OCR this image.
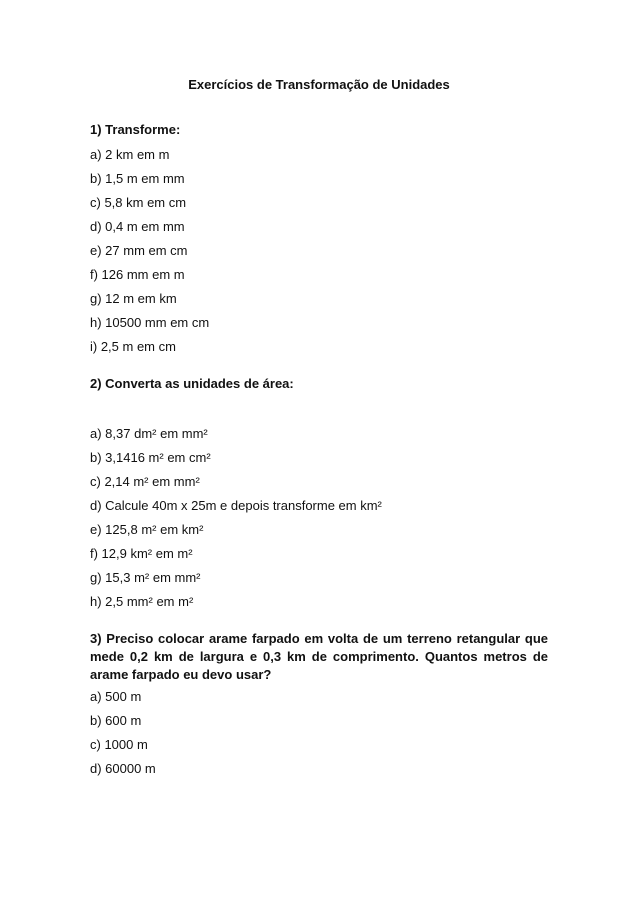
Exercícios de Transformação de Unidades
1) Transforme:
a) 2 km em m
b) 1,5 m em mm
c) 5,8 km em cm
d) 0,4 m em mm
e) 27 mm em cm
f) 126 mm em m
g) 12 m em km
h) 10500 mm em cm
i) 2,5 m em cm
2) Converta as unidades de área:
a) 8,37 dm² em mm²
b) 3,1416 m² em cm²
c) 2,14 m² em mm²
d) Calcule 40m x 25m e depois transforme em km²
e) 125,8 m² em km²
f) 12,9 km² em m²
g) 15,3 m² em mm²
h) 2,5 mm² em m²
3) Preciso colocar arame farpado em volta de um terreno retangular que mede 0,2 km de largura e 0,3 km de comprimento. Quantos metros de arame farpado eu devo usar?
a) 500 m
b) 600 m
c) 1000 m
d) 60000 m
